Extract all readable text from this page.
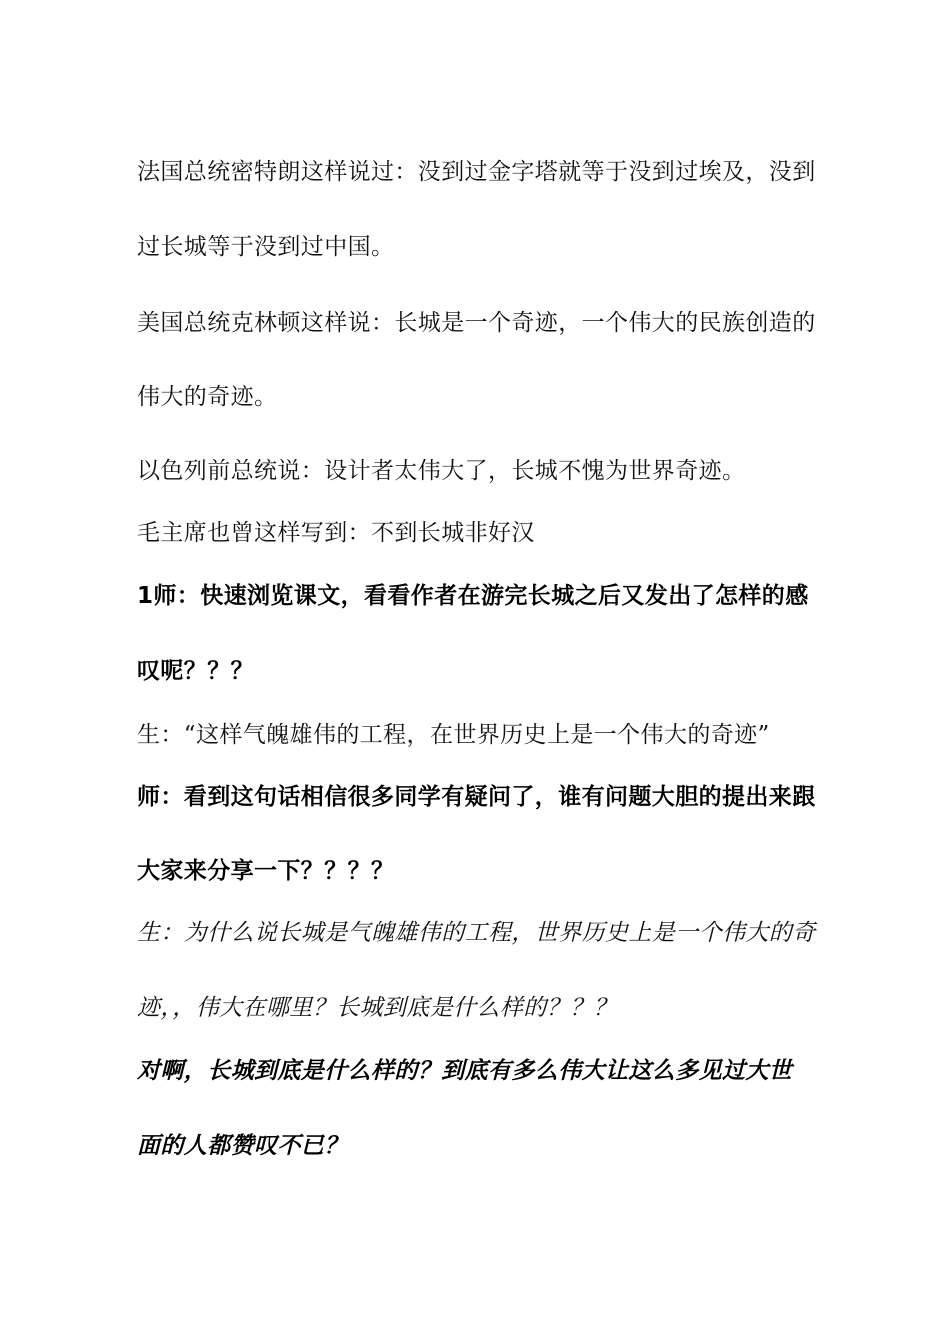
法国总统密特朗这样说过：没到过金字塔就等于没到过埃及，没到
过长城等于没到过中国。
美国总统克林顿这样说：长城是一个奇迹，一个伟大的民族创造的
伟大的奇迹。
以色列前总统说：设计者太伟大了，长城不愧为世界奇迹。
毛主席也曾这样写到：不到长城非好汉
1师：快速浏览课文，看看作者在游完长城之后又发出了怎样的感
叹呢？？？
生：“这样气魄雄伟的工程，在世界历史上是一个伟大的奇迹”
师：看到这句话相信很多同学有疑问了，谁有问题大胆的提出来跟
大家来分享一下？？？？
生：为什么说长城是气魄雄伟的工程，世界历史上是一个伟大的奇
迹，，伟大在哪里？长城到底是什么样的？？？
对啊，长城到底是什么样的？到底有多么伟大让这么多见过大世
面的人都赞叹不已？
